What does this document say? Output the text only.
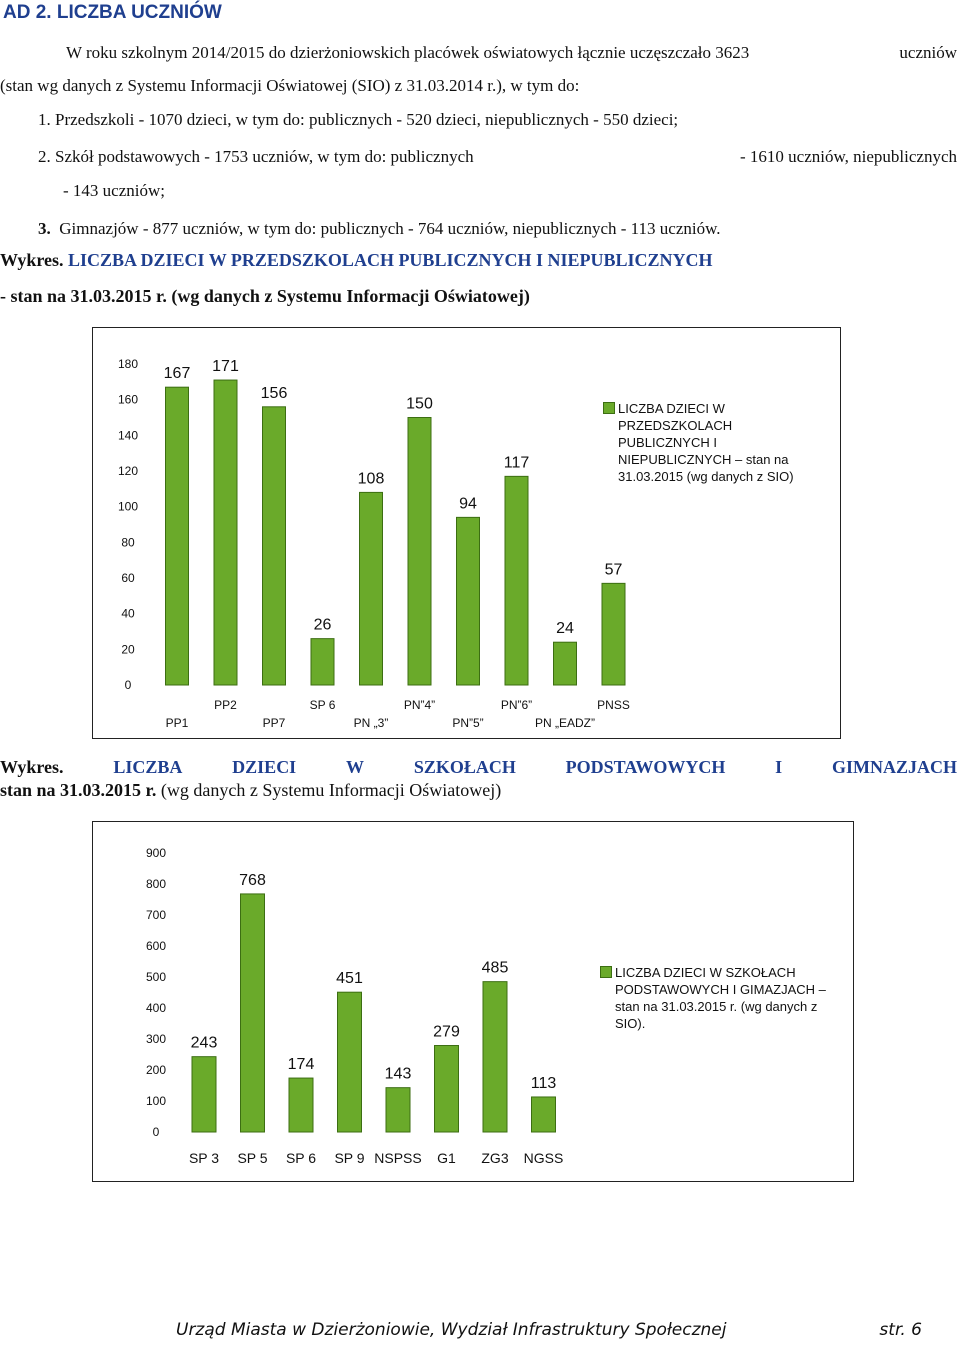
AD 2. LICZBA UCZNIÓW
W roku szkolnym 2014/2015 do dzierżoniowskich placówek oświatowych łącznie uczęszczało 3623	uczniów
(stan wg danych z Systemu Informacji Oświatowej (SIO) z 31.03.2014 r.), w tym do:
1. Przedszkoli - 1070 dzieci, w tym do: publicznych - 520 dzieci, niepublicznych - 550 dzieci;
2. Szkół podstawowych - 1753 uczniów, w tym do: publicznych	- 1610 uczniów, niepublicznych
- 143 uczniów;
3. Gimnazjów - 877 uczniów, w tym do: publicznych - 764 uczniów, niepublicznych - 113 uczniów.
Wykres. LICZBA DZIECI W PRZEDSZKOLACH PUBLICZNYCH I NIEPUBLICZNYCH
- stan na 31.03.2015 r. (wg danych z Systemu Informacji Oświatowej)
0
20
40
60
80
100
120
140
160
180
167
PP1
171
PP2
156
PP7
26
SP 6
108
PN „3”
150
PN”4”
94
PN”5”
117
PN”6”
24
PN „EADZ”
57
PNSS
LICZBA DZIECI W PRZEDSZKOLACH PUBLICZNYCH I NIEPUBLICZNYCH – stan na 31.03.2015 (wg danych z SIO)
Wykres.	LICZBA	DZIECI	W	SZKOŁACH	PODSTAWOWYCH	I	GIMNAZJACH
stan na 31.03.2015 r. (wg danych z Systemu Informacji Oświatowej)
0
100
200
300
400
500
600
700
800
900
243
SP 3
768
SP 5
174
SP 6
451
SP 9
143
NSPSS
279
G1
485
ZG3
113
NGSS
LICZBA DZIECI W SZKOŁACH PODSTAWOWYCH I GIMAZJACH – stan na 31.03.2015 r. (wg danych z SIO).
Urząd Miasta w Dzierżoniowie, Wydział Infrastruktury Społecznej	str. 6
